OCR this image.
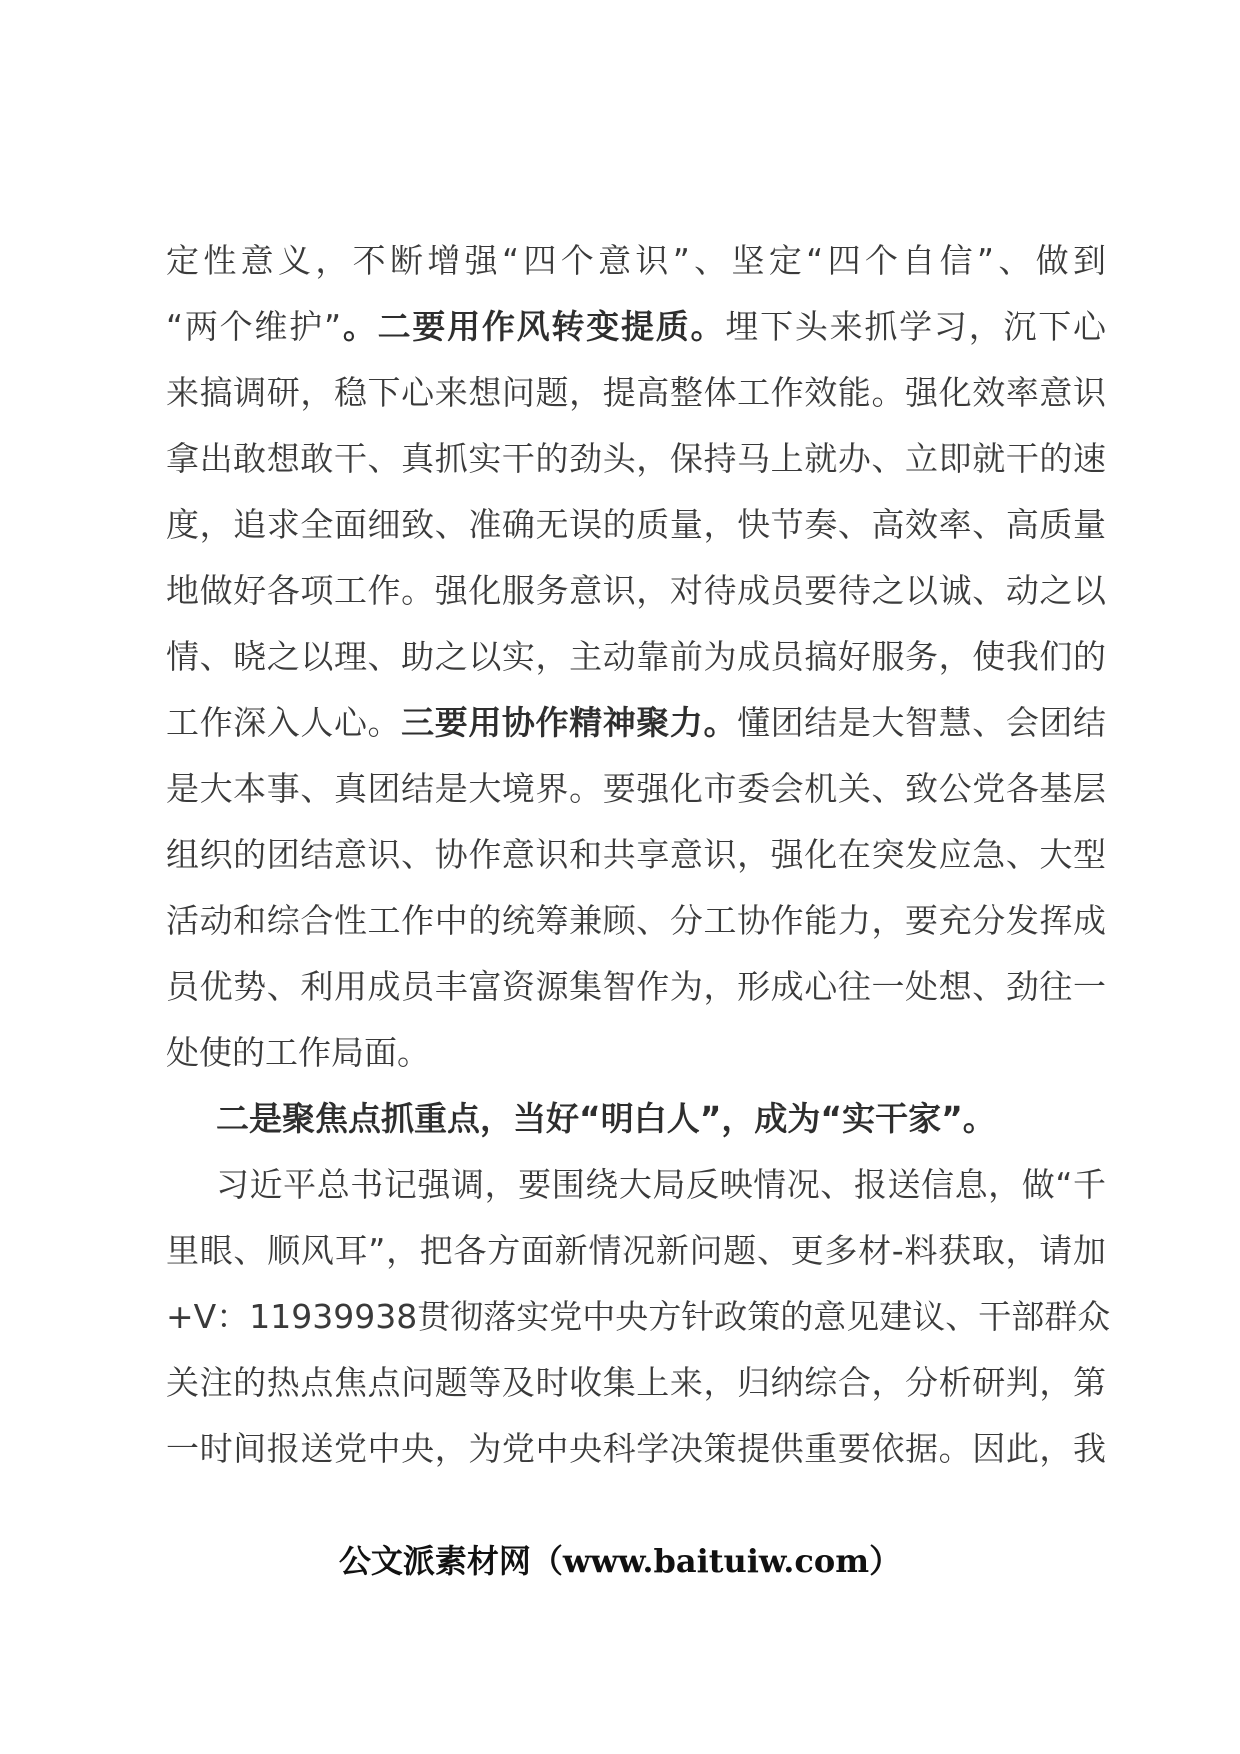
定性意义，不断增强“四个意识”、坚定“四个自信”、做到
“两个维护”。二要用作风转变提质。埋下头来抓学习，沉下心
来搞调研，稳下心来想问题，提高整体工作效能。强化效率意识
拿出敢想敢干、真抓实干的劲头，保持马上就办、立即就干的速
度，追求全面细致、准确无误的质量，快节奏、高效率、高质量
地做好各项工作。强化服务意识，对待成员要待之以诚、动之以
情、晓之以理、助之以实，主动靠前为成员搞好服务，使我们的
工作深入人心。三要用协作精神聚力。懂团结是大智慧、会团结
是大本事、真团结是大境界。要强化市委会机关、致公党各基层
组织的团结意识、协作意识和共享意识，强化在突发应急、大型
活动和综合性工作中的统筹兼顾、分工协作能力，要充分发挥成
员优势、利用成员丰富资源集智作为，形成心往一处想、劲往一
处使的工作局面。
二是聚焦点抓重点，当好“明白人”，成为“实干家”。
习近平总书记强调，要围绕大局反映情况、报送信息，做“千
里眼、顺风耳”，把各方面新情况新问题、更多材-料获取，请加
+V：11939938贯彻落实党中央方针政策的意见建议、干部群众
关注的热点焦点问题等及时收集上来，归纳综合，分析研判，第
一时间报送党中央，为党中央科学决策提供重要依据。因此，我
公文派素材网（www.baituiw.com）
